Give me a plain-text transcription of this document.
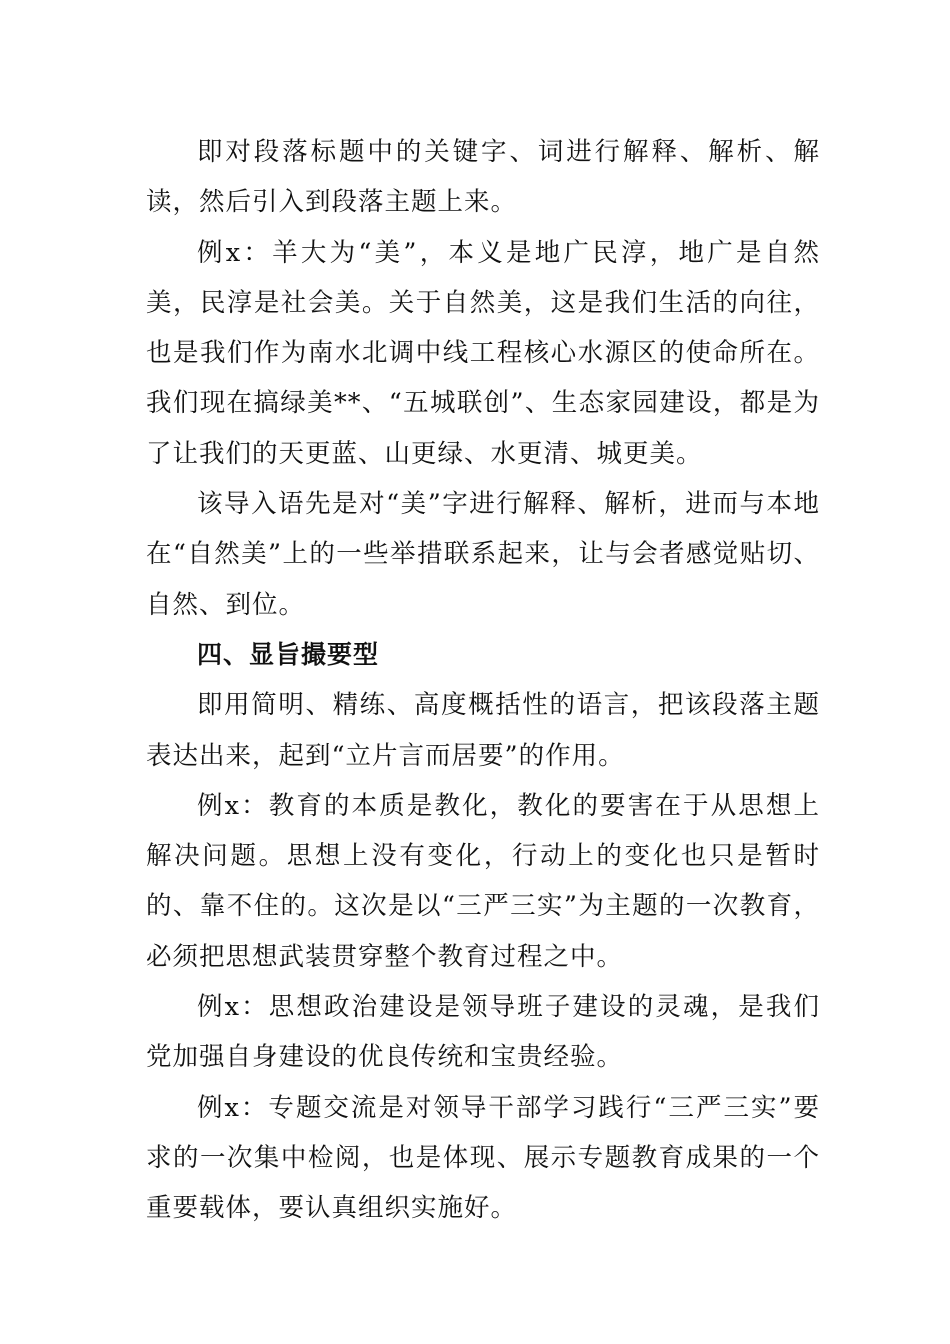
即对段落标题中的关键字、词进行解释、解析、解读，然后引入到段落主题上来。

例x：羊大为“美”，本义是地广民淳，地广是自然美，民淳是社会美。关于自然美，这是我们生活的向往，也是我们作为南水北调中线工程核心水源区的使命所在。我们现在搞绿美**、“五城联创”、生态家园建设，都是为了让我们的天更蓝、山更绿、水更清、城更美。

该导入语先是对“美”字进行解释、解析，进而与本地在“自然美”上的一些举措联系起来，让与会者感觉贴切、自然、到位。

四、显旨撮要型

即用简明、精练、高度概括性的语言，把该段落主题表达出来，起到“立片言而居要”的作用。

例x：教育的本质是教化，教化的要害在于从思想上解决问题。思想上没有变化，行动上的变化也只是暂时的、靠不住的。这次是以“三严三实”为主题的一次教育，必须把思想武装贯穿整个教育过程之中。

例x：思想政治建设是领导班子建设的灵魂，是我们党加强自身建设的优良传统和宝贵经验。

例x：专题交流是对领导干部学习践行“三严三实”要求的一次集中检阅，也是体现、展示专题教育成果的一个重要载体，要认真组织实施好。
